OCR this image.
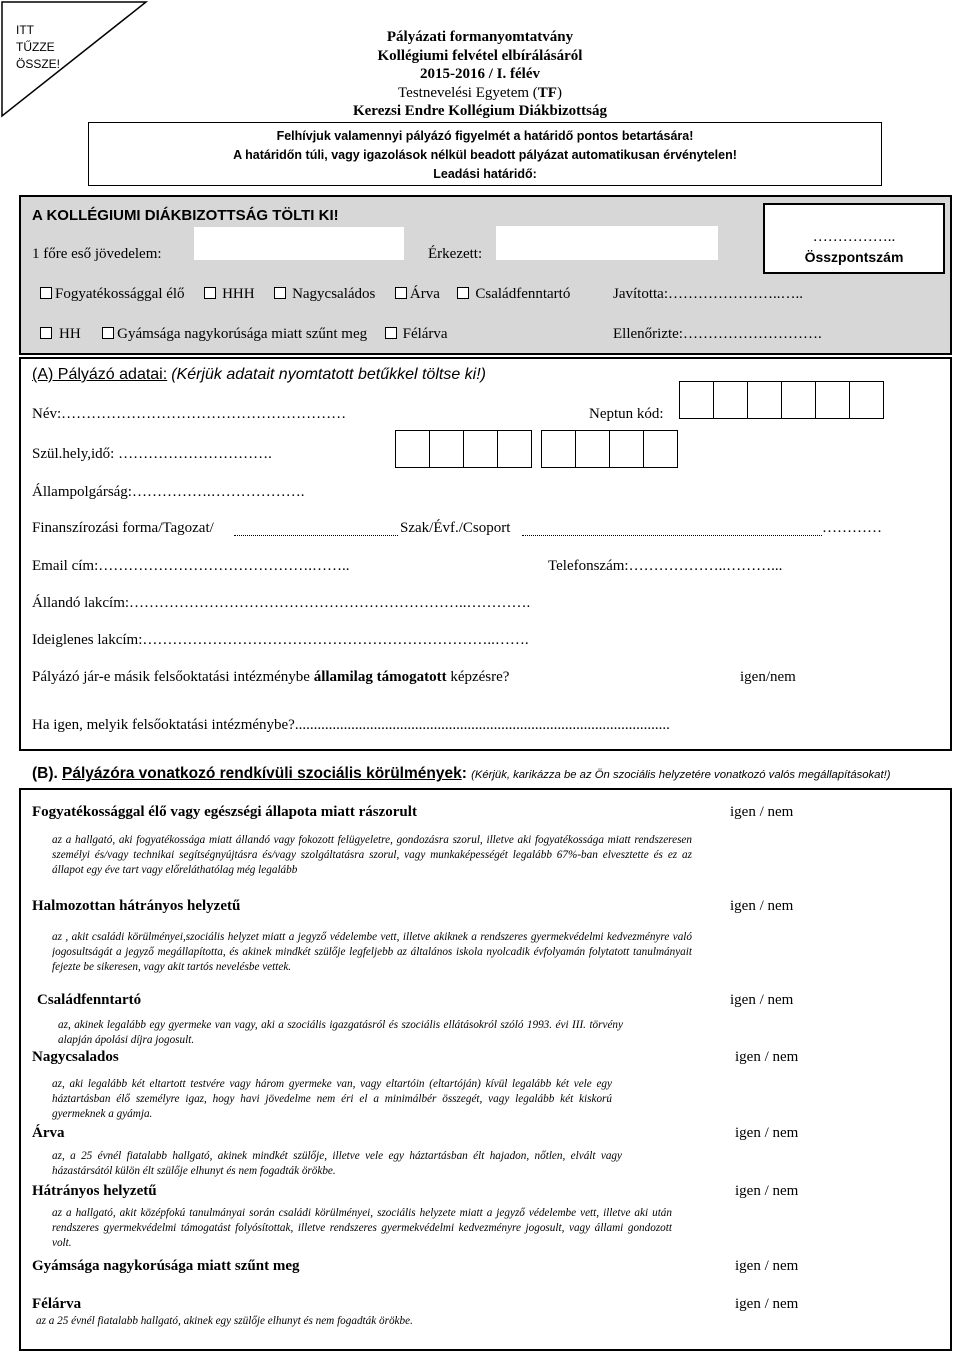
ITT
TŰZZE
ÖSSZE!
Pályázati formanyomtatvány
Kollégiumi felvétel elbírálásáról
2015-2016 / I. félév
Testnevelési Egyetem (TF)
Kerezsi Endre Kollégium Diákbizottság
Felhívjuk valamennyi pályázó figyelmét a határidő pontos betartására!
A határidőn túli, vagy igazolások nélkül beadott pályázat automatikusan érvénytelen!
Leadási határidő:
A KOLLÉGIUMI DIÁKBIZOTTSÁG TÖLTI KI!
1 főre eső jövedelem:	Érkezett:
……………..
Összpontszám
Fogyatékossággal élő	HHH	Nagycsaládos Árva Családfenntartó	Javította:…………………..…..
HH Gyámsága nagykorúsága miatt szűnt meg Félárva	Ellenőrizte:……………………….
(A) Pályázó adatai: (Kérjük adatait nyomtatott betűkkel töltse ki!)
Név:…………………………………………………	Neptun kód:
Szül.hely,idő: ………………………….
Állampolgárság:…………….……………….
Finanszírozási forma/Tagozat/	Szak/Évf./Csoport	…………
Email cím:…………………………………….……..	Telefonszám:………………..………...
Állandó lakcím:…………………………………………………………..………….
Ideiglenes lakcím:……………………………………………………………..…….
Pályázó jár-e másik felsőoktatási intézménybe államilag támogatott képzésre?	igen/nem
Ha igen, melyik felsőoktatási intézménybe?....................................................................................................
(B). Pályázóra vonatkozó rendkívüli szociális körülmények: (Kérjük, karikázza be az Ön szociális helyzetére vonatkozó valós megállapításokat!)
Fogyatékossággal élő vagy egészségi állapota miatt rászorult	igen / nem
az a hallgató, aki fogyatékossága miatt állandó vagy fokozott felügyeletre, gondozásra szorul, illetve aki fogyatékossága miatt rendszeresen személyi és/vagy technikai segítségnyújtásra és/vagy szolgáltatásra szorul, vagy munkaképességét legalább 67%-ban elvesztette és ez az állapot egy éve tart vagy előreláthatólag még legalább
Halmozottan hátrányos helyzetű	igen / nem
az , akit családi körülményei,szociális helyzet miatt a jegyző védelembe vett, illetve akiknek a rendszeres gyermekvédelmi kedvezményre való jogosultságát a jegyző megállapította, és akinek mindkét szülője legfeljebb az általános iskola nyolcadik évfolyamán folytatott tanulmányait fejezte be sikeresen, vagy akit tartós nevelésbe vettek.
Családfenntartó	igen / nem
az, akinek legalább egy gyermeke van vagy, aki a szociális igazgatásról és szociális ellátásokról szóló 1993. évi III. törvény alapján ápolási díjra jogosult.
Nagycsalados	igen / nem
az, aki legalább két eltartott testvére vagy három gyermeke van, vagy eltartóin (eltartóján) kívül legalább két vele egy háztartásban élő személyre igaz, hogy havi jövedelme nem éri el a minimálbér összegét, vagy legalább két kiskorú gyermeknek a gyámja.
Árva	igen / nem
az, a 25 évnél fiatalabb hallgató, akinek mindkét szülője, illetve vele egy háztartásban élt hajadon, nőtlen, elvált vagy házastársától külön élt szülője elhunyt és nem fogadták örökbe.
Hátrányos helyzetű	igen / nem
az a hallgató, akit középfokú tanulmányai során családi körülményei, szociális helyzete miatt a jegyző védelembe vett, illetve aki után rendszeres gyermekvédelmi támogatást folyósítottak, illetve rendszeres gyermekvédelmi kedvezményre jogosult, vagy állami gondozott volt.
Gyámsága nagykorúsága miatt szűnt meg	igen / nem
Félárva	igen / nem
az a 25 évnél fiatalabb hallgató, akinek egy szülője elhunyt és nem fogadták örökbe.
